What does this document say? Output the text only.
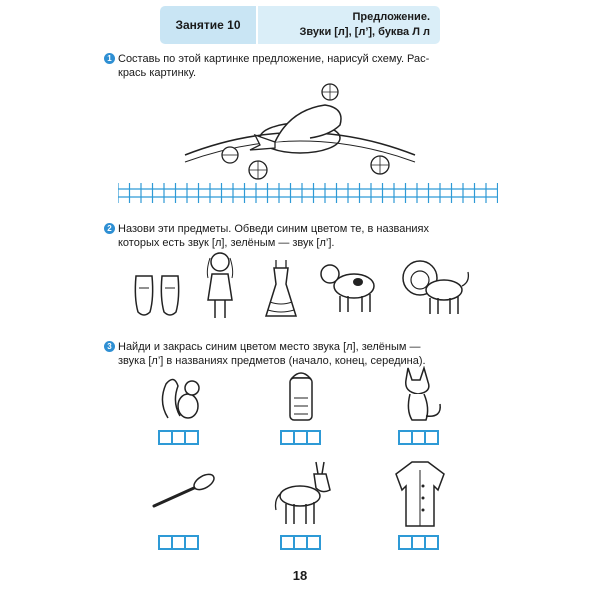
Занятие 10
Предложение.
Звуки [л], [л’], буква Л л
1 Составь по этой картинке предложение, нарисуй схему. Рас-
крась картинку.
2 Назови эти предметы. Обведи синим цветом те, в названиях
которых есть звук [л], зелёным — звук [л’].
3 Найди и закрась синим цветом место звука [л], зелёным —
звука [л’] в названиях предметов (начало, конец, середина).
18
